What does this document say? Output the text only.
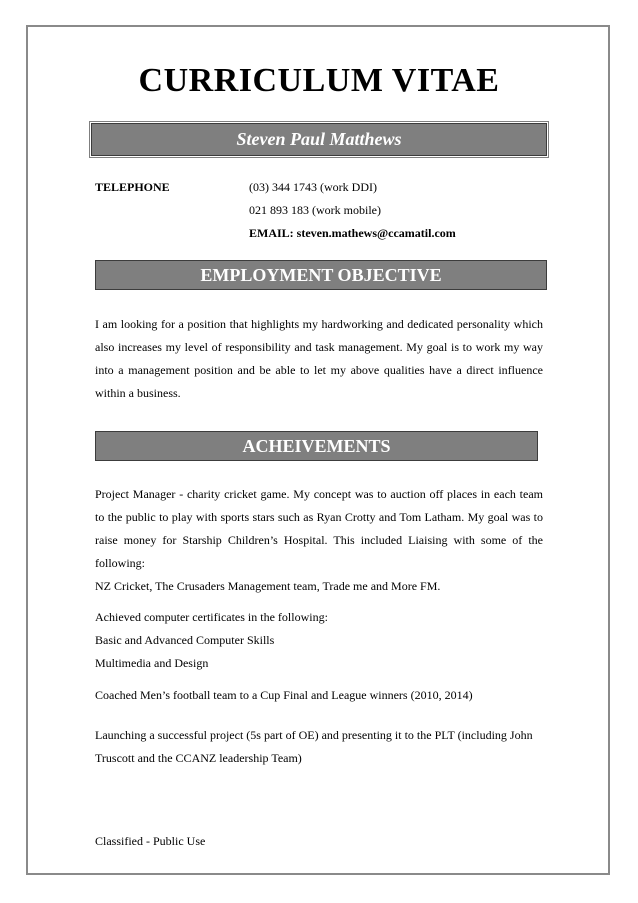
CURRICULUM VITAE
Steven Paul Matthews
TELEPHONE	(03) 344 1743 (work DDI)
021 893 183 (work mobile)
EMAIL: steven.mathews@ccamatil.com
EMPLOYMENT OBJECTIVE
I am looking for a position that highlights my hardworking and dedicated personality which also increases my level of responsibility and task management. My goal is to work my way into a management position and be able to let my above qualities have a direct influence within a business.
ACHEIVEMENTS

Project Manager - charity cricket game. My concept was to auction off places in each team to the public to play with sports stars such as Ryan Crotty and Tom Latham. My goal was to raise money for Starship Children’s Hospital. This included Liaising with some of the following:

NZ Cricket, The Crusaders Management team, Trade me and More FM.

Achieved computer certificates in the following:

Basic and Advanced Computer Skills

Multimedia and Design

Coached Men’s football team to a Cup Final and League winners (2010, 2014)
Launching a successful project (5s part of OE) and presenting it to the PLT (including John Truscott and the CCANZ leadership Team)
Classified - Public Use
